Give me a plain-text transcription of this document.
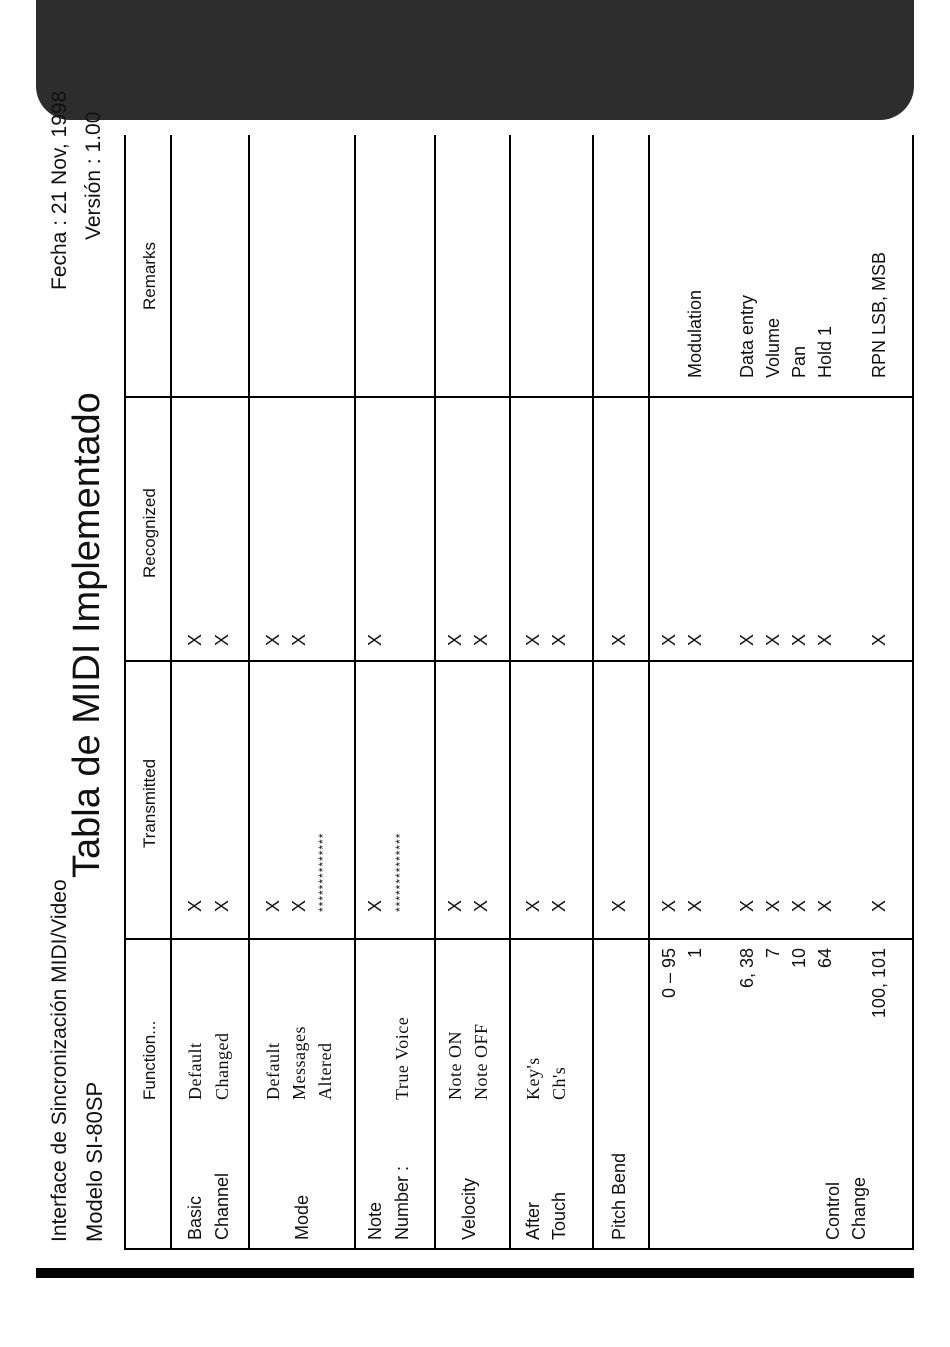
Interface de Sincronización MIDI/Video Modelo SI-80SP
Tabla de MIDI Implementado
Fecha : 21 Nov, 1998 Versión : 1.00
Function...
Transmitted
Recognized
Remarks
Basic Channel
Default Changed
X X
X X
Mode
Default Messages Altered
X X **************
X X
Note Number :
True Voice
X **************
X
Velocity
Note ON Note OFF
X X
X X
After Touch
Key's Ch's
X X
X X
Pitch Bend
X
X
Control Change
0 – 95 1 6, 38 7 10 64 100, 101
X X X X X X X
X X X X X X X
Modulation Data entry Volume Pan Hold 1 RPN LSB, MSB
